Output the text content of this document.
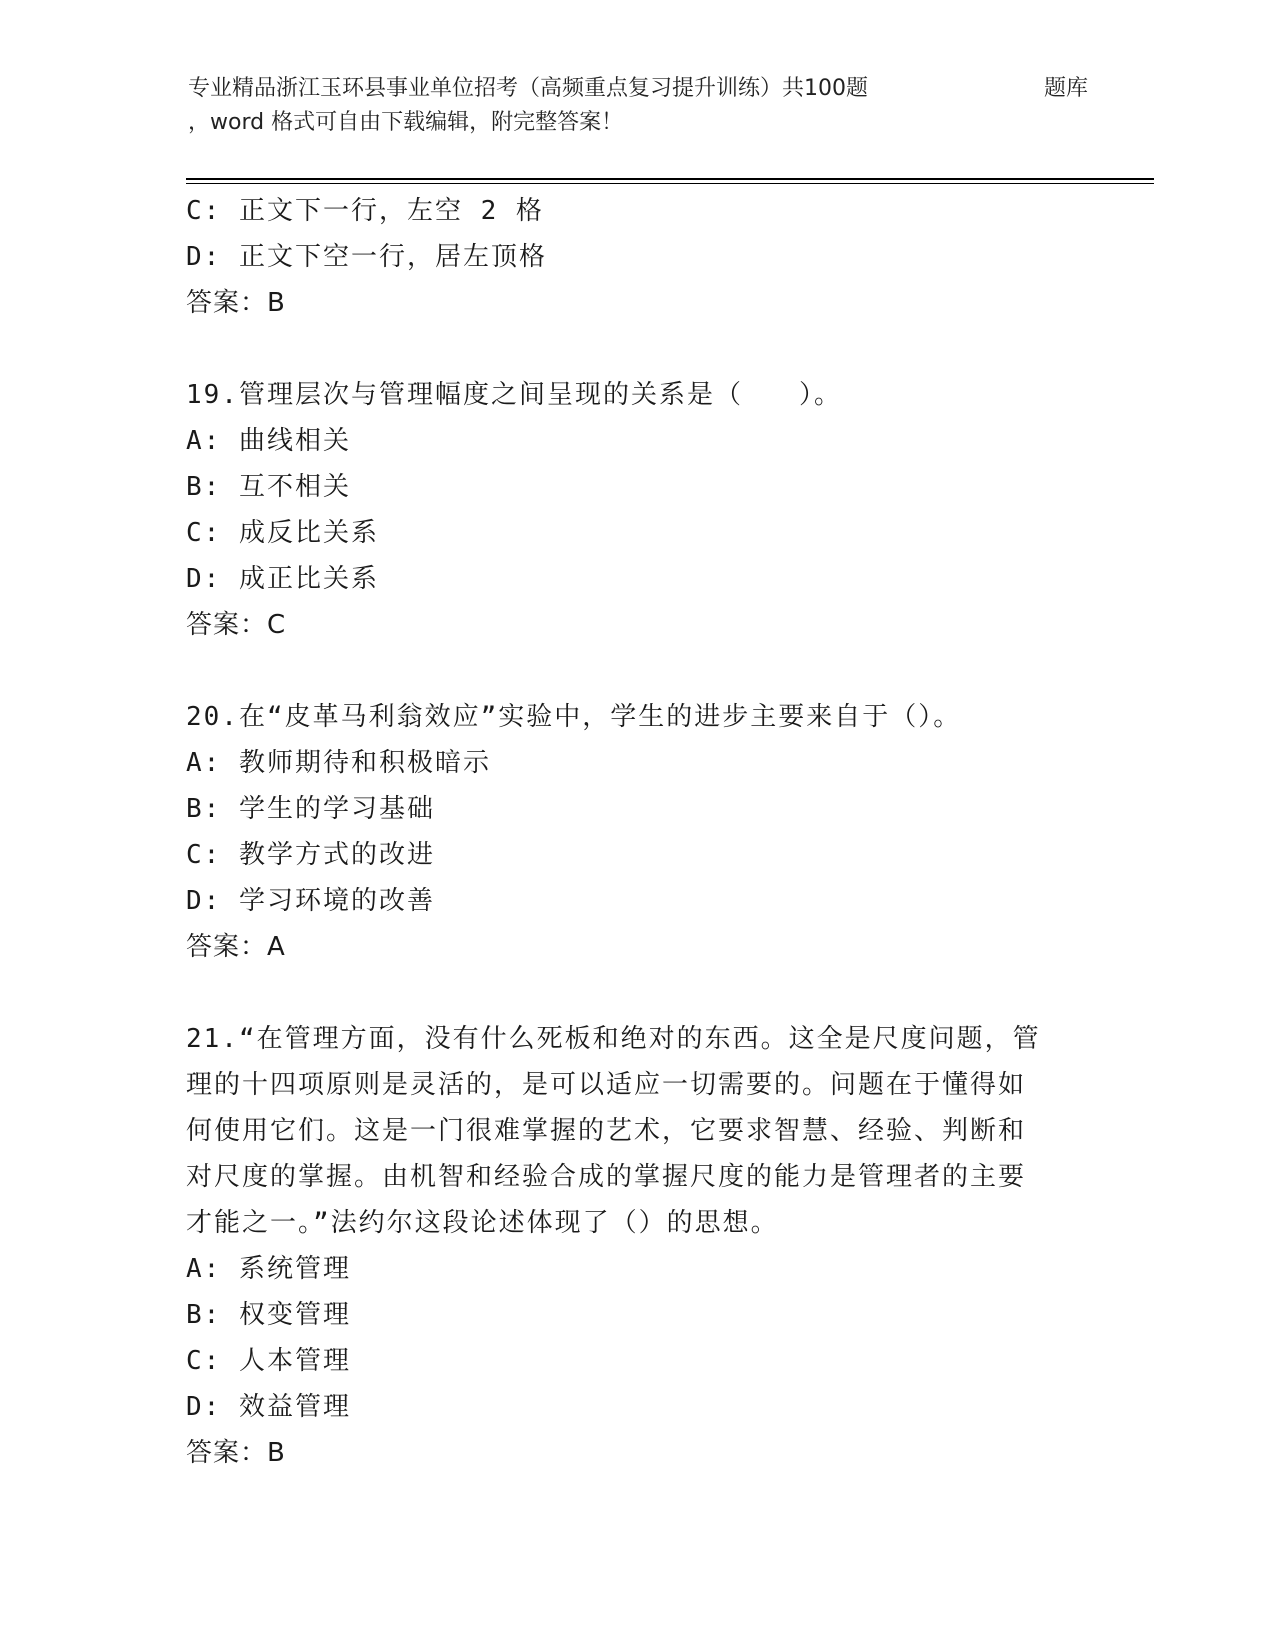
专业精品浙江玉环县事业单位招考（高频重点复习提升训练）共100题	题库
，word 格式可自由下载编辑，附完整答案！
C: 正文下一行，左空 2 格
D: 正文下空一行，居左顶格
答案：B
19.管理层次与管理幅度之间呈现的关系是（　　）。
A: 曲线相关
B: 互不相关
C: 成反比关系
D: 成正比关系
答案：C
20.在“皮革马利翁效应”实验中，学生的进步主要来自于（）。
A: 教师期待和积极暗示
B: 学生的学习基础
C: 教学方式的改进
D: 学习环境的改善
答案：A
21.“在管理方面，没有什么死板和绝对的东西。这全是尺度问题，管
理的十四项原则是灵活的，是可以适应一切需要的。问题在于懂得如
何使用它们。这是一门很难掌握的艺术，它要求智慧、经验、判断和
对尺度的掌握。由机智和经验合成的掌握尺度的能力是管理者的主要
才能之一。”法约尔这段论述体现了（）的思想。
A: 系统管理
B: 权变管理
C: 人本管理
D: 效益管理
答案：B
